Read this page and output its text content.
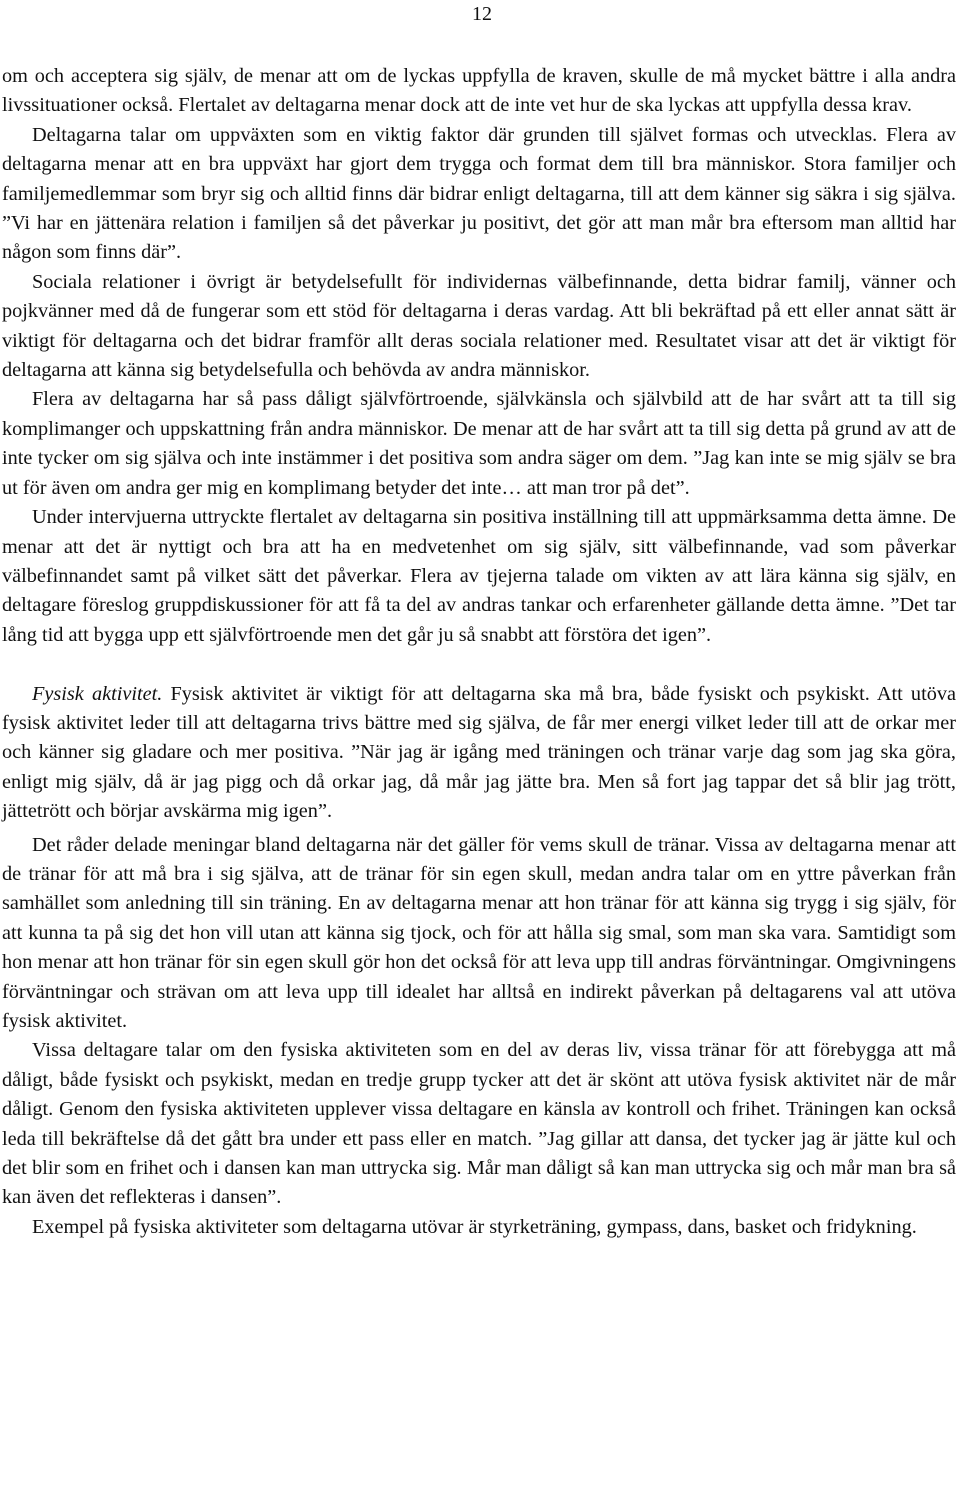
12

om och acceptera sig själv, de menar att om de lyckas uppfylla de kraven, skulle de må mycket bättre i alla andra livssituationer också. Flertalet av deltagarna menar dock att de inte vet hur de ska lyckas att uppfylla dessa krav.

Deltagarna talar om uppväxten som en viktig faktor där grunden till självet formas och utvecklas. Flera av deltagarna menar att en bra uppväxt har gjort dem trygga och format dem till bra människor. Stora familjer och familjemedlemmar som bryr sig och alltid finns där bidrar enligt deltagarna, till att dem känner sig säkra i sig själva. ”Vi har en jättenära relation i familjen så det påverkar ju positivt, det gör att man mår bra eftersom man alltid har någon som finns där”.

Sociala relationer i övrigt är betydelsefullt för individernas välbefinnande, detta bidrar familj, vänner och pojkvänner med då de fungerar som ett stöd för deltagarna i deras vardag. Att bli bekräftad på ett eller annat sätt är viktigt för deltagarna och det bidrar framför allt deras sociala relationer med. Resultatet visar att det är viktigt för deltagarna att känna sig betydelsefulla och behövda av andra människor.

Flera av deltagarna har så pass dåligt självförtroende, självkänsla och självbild att de har svårt att ta till sig komplimanger och uppskattning från andra människor. De menar att de har svårt att ta till sig detta på grund av att de inte tycker om sig själva och inte instämmer i det positiva som andra säger om dem. ”Jag kan inte se mig själv se bra ut för även om andra ger mig en komplimang betyder det inte… att man tror på det”.

Under intervjuerna uttryckte flertalet av deltagarna sin positiva inställning till att uppmärksamma detta ämne. De menar att det är nyttigt och bra att ha en medvetenhet om sig själv, sitt välbefinnande, vad som påverkar välbefinnandet samt på vilket sätt det påverkar. Flera av tjejerna talade om vikten av att lära känna sig själv, en deltagare föreslog gruppdiskussioner för att få ta del av andras tankar och erfarenheter gällande detta ämne. ”Det tar lång tid att bygga upp ett självförtroende men det går ju så snabbt att förstöra det igen”.

Fysisk aktivitet. Fysisk aktivitet är viktigt för att deltagarna ska må bra, både fysiskt och psykiskt. Att utöva fysisk aktivitet leder till att deltagarna trivs bättre med sig själva, de får mer energi vilket leder till att de orkar mer och känner sig gladare och mer positiva. ”När jag är igång med träningen och tränar varje dag som jag ska göra, enligt mig själv, då är jag pigg och då orkar jag, då mår jag jätte bra. Men så fort jag tappar det så blir jag trött, jättetrött och börjar avskärma mig igen”.

Det råder delade meningar bland deltagarna när det gäller för vems skull de tränar. Vissa av deltagarna menar att de tränar för att må bra i sig själva, att de tränar för sin egen skull, medan andra talar om en yttre påverkan från samhället som anledning till sin träning. En av deltagarna menar att hon tränar för att känna sig trygg i sig själv, för att kunna ta på sig det hon vill utan att känna sig tjock, och för att hålla sig smal, som man ska vara. Samtidigt som hon menar att hon tränar för sin egen skull gör hon det också för att leva upp till andras förväntningar. Omgivningens förväntningar och strävan om att leva upp till idealet har alltså en indirekt påverkan på deltagarens val att utöva fysisk aktivitet.

Vissa deltagare talar om den fysiska aktiviteten som en del av deras liv, vissa tränar för att förebygga att må dåligt, både fysiskt och psykiskt, medan en tredje grupp tycker att det är skönt att utöva fysisk aktivitet när de mår dåligt. Genom den fysiska aktiviteten upplever vissa deltagare en känsla av kontroll och frihet. Träningen kan också leda till bekräftelse då det gått bra under ett pass eller en match. ”Jag gillar att dansa, det tycker jag är jätte kul och det blir som en frihet och i dansen kan man uttrycka sig. Mår man dåligt så kan man uttrycka sig och mår man bra så kan även det reflekteras i dansen”.

Exempel på fysiska aktiviteter som deltagarna utövar är styrketräning, gympass, dans, basket och fridykning.
